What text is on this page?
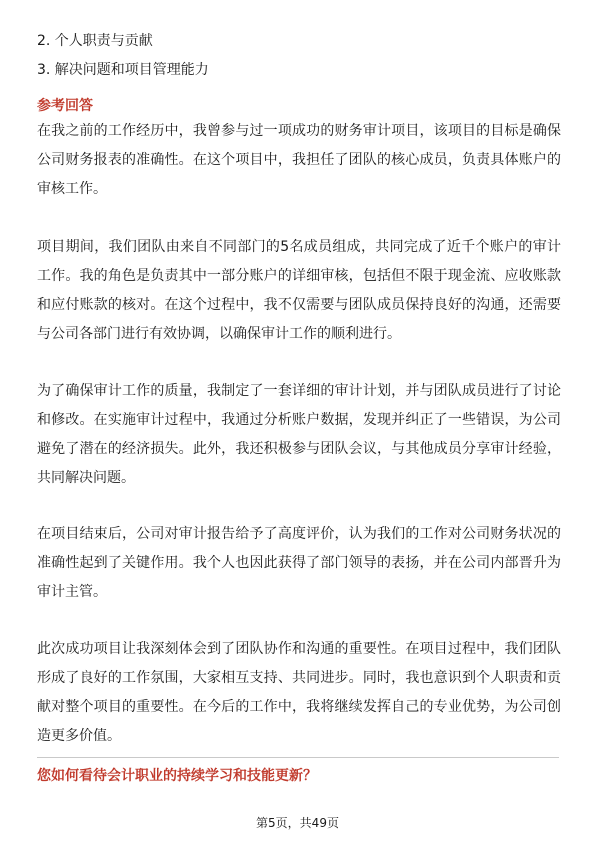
2. 个人职责与贡献
3. 解决问题和项目管理能力
参考回答

在我之前的工作经历中，我曾参与过一项成功的财务审计项目，该项目的目标是确保公司财务报表的准确性。在这个项目中，我担任了团队的核心成员，负责具体账户的审核工作。

项目期间，我们团队由来自不同部门的5名成员组成，共同完成了近千个账户的审计工作。我的角色是负责其中一部分账户的详细审核，包括但不限于现金流、应收账款和应付账款的核对。在这个过程中，我不仅需要与团队成员保持良好的沟通，还需要与公司各部门进行有效协调，以确保审计工作的顺利进行。

为了确保审计工作的质量，我制定了一套详细的审计计划，并与团队成员进行了讨论和修改。在实施审计过程中，我通过分析账户数据，发现并纠正了一些错误，为公司避免了潜在的经济损失。此外，我还积极参与团队会议，与其他成员分享审计经验，共同解决问题。

在项目结束后，公司对审计报告给予了高度评价，认为我们的工作对公司财务状况的准确性起到了关键作用。我个人也因此获得了部门领导的表扬，并在公司内部晋升为审计主管。

此次成功项目让我深刻体会到了团队协作和沟通的重要性。在项目过程中，我们团队形成了良好的工作氛围，大家相互支持、共同进步。同时，我也意识到个人职责和贡献对整个项目的重要性。在今后的工作中，我将继续发挥自己的专业优势，为公司创造更多价值。

您如何看待会计职业的持续学习和技能更新？
第5页，共49页
